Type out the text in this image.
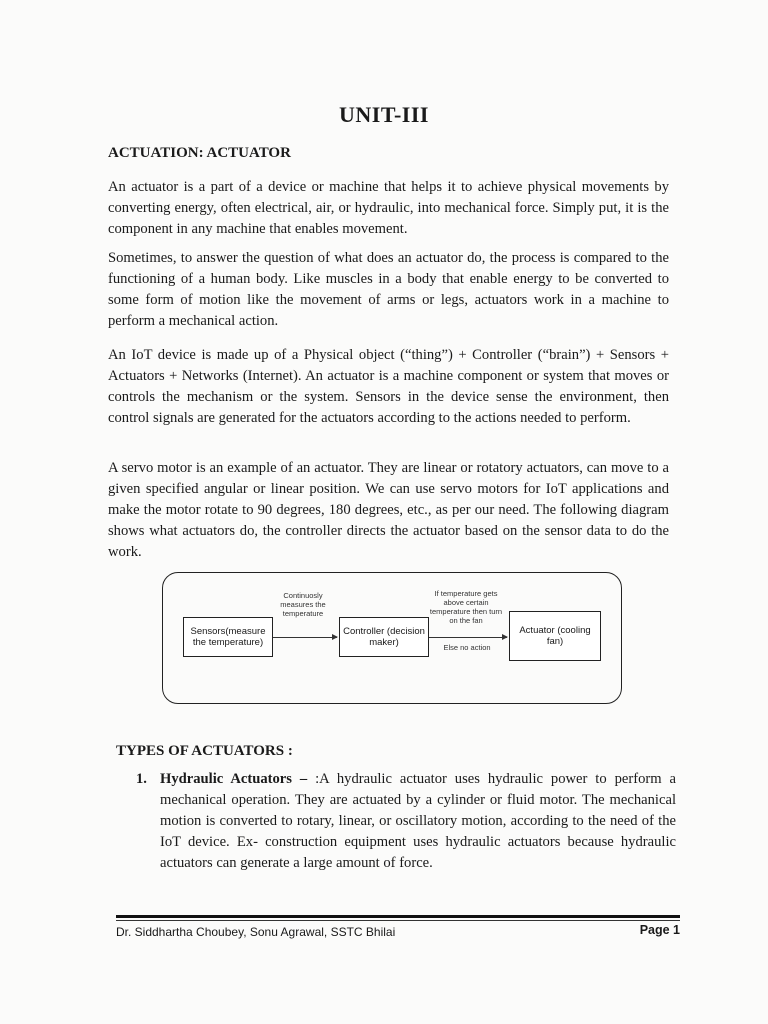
UNIT-III
ACTUATION: ACTUATOR

An actuator is a part of a device or machine that helps it to achieve physical movements by converting energy, often electrical, air, or hydraulic, into mechanical force. Simply put, it is the component in any machine that enables movement.

Sometimes, to answer the question of what does an actuator do, the process is compared to the functioning of a human body. Like muscles in a body that enable energy to be converted to some form of motion like the movement of arms or legs, actuators work in a machine to perform a mechanical action.

An IoT device is made up of a Physical object (“thing”) + Controller (“brain”) + Sensors + Actuators + Networks (Internet). An actuator is a machine component or system that moves or controls the mechanism or the system. Sensors in the device sense the environment, then control signals are generated for the actuators according to the actions needed to perform.

A servo motor is an example of an actuator. They are linear or rotatory actuators, can move to a given specified angular or linear position. We can use servo motors for IoT applications and make the motor rotate to 90 degrees, 180 degrees, etc., as per our need. The following diagram shows what actuators do, the controller directs the actuator based on the sensor data to do the work.

Sensors(measure the temperature)
Continuosly measures the temperature
Controller (decision maker)
If temperature gets above certain temperature then turn on the fan
Else no action
Actuator (cooling fan)
TYPES OF ACTUATORS :
1. Hydraulic Actuators – :A hydraulic actuator uses hydraulic power to perform a mechanical operation. They are actuated by a cylinder or fluid motor. The mechanical motion is converted to rotary, linear, or oscillatory motion, according to the need of the IoT device. Ex- construction equipment uses hydraulic actuators because hydraulic actuators can generate a large amount of force.
Dr. Siddhartha Choubey, Sonu Agrawal, SSTC Bhilai	Page 1
